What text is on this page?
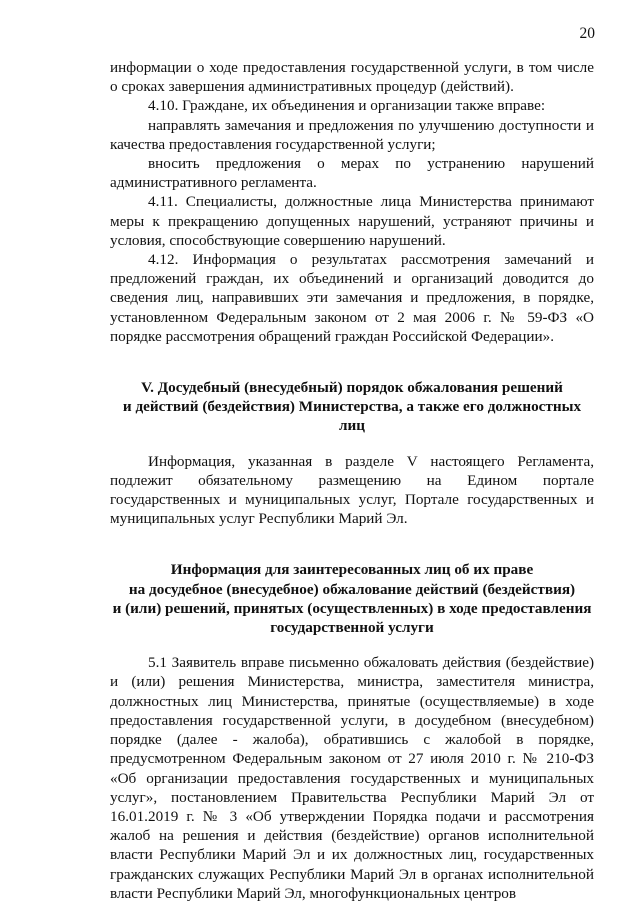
20

информации о ходе предоставления государственной услуги, в том числе о сроках завершения административных процедур (действий).

4.10. Граждане, их объединения и организации также вправе:

направлять замечания и предложения по улучшению доступности и качества предоставления государственной услуги;

вносить предложения о мерах по устранению нарушений административного регламента.

4.11. Специалисты, должностные лица Министерства принимают меры к прекращению допущенных нарушений, устраняют причины и условия, способствующие совершению нарушений.

4.12. Информация о результатах рассмотрения замечаний и предложений граждан, их объединений и организаций доводится до сведения лиц, направивших эти замечания и предложения, в порядке, установленном Федеральным законом от 2 мая 2006 г. № 59-ФЗ «О порядке рассмотрения обращений граждан Российской Федерации».

V. Досудебный (внесудебный) порядок обжалования решений

и действий (бездействия) Министерства, а также его должностных лиц

Информация, указанная в разделе V настоящего Регламента, подлежит обязательному размещению на Едином портале государственных и муниципальных услуг, Портале государственных и муниципальных услуг Республики Марий Эл.

Информация для заинтересованных лиц об их праве

на досудебное (внесудебное) обжалование действий (бездействия)

и (или) решений, принятых (осуществленных) в ходе предоставления

государственной услуги

5.1 Заявитель вправе письменно обжаловать действия (бездействие) и (или) решения Министерства, министра, заместителя министра, должностных лиц Министерства, принятые (осуществляемые) в ходе предоставления государственной услуги, в досудебном (внесудебном) порядке (далее - жалоба), обратившись с жалобой в порядке, предусмотренном Федеральным законом от 27 июля 2010 г. № 210-ФЗ «Об организации предоставления государственных и муниципальных услуг», постановлением Правительства Республики Марий Эл от 16.01.2019 г. № 3 «Об утверждении Порядка подачи и рассмотрения жалоб на решения и действия (бездействие) органов исполнительной власти Республики Марий Эл и их должностных лиц, государственных гражданских служащих Республики Марий Эл в органах исполнительной власти Республики Марий Эл, многофункциональных центров
